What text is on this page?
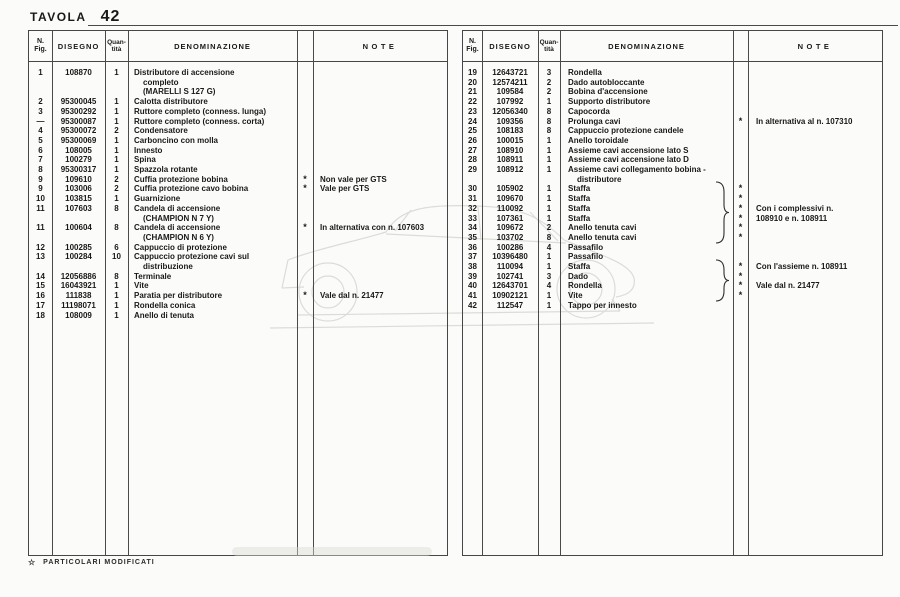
TAVOLA 42
N.
Fig. DISEGNO Quan-
tità	DENOMINAZIONE	NOTE
1	108870	1	Distributore di accensione
completo
(MARELLI S 127 G)
2	95300045	1	Calotta distributore
3	95300292	1	Ruttore completo (conness. lunga)
—	95300087	1	Ruttore completo (conness. corta)
4	95300072	2	Condensatore
5	95300069	1	Carboncino con molla
6	108005	1	Innesto
7	100279	1	Spina
8	95300317	1	Spazzola rotante
9	109610	2	Cuffia protezione bobina	*	Non vale per GTS
9	103006	2	Cuffia protezione cavo bobina	*	Vale per GTS
10	103815	1	Guarnizione
11	107603	8	Candela di accensione
(CHAMPION N 7 Y)
11	100604	8	Candela di accensione
(CHAMPION N 6 Y)
*	In alternativa con n. 107603
12	100285	6	Cappuccio di protezione
13	100284	10	Cappuccio protezione cavi sul
distribuzione
14	12056886	8	Terminale
15	16043921	1	Vite
16	111838	1	Paratia per distributore	*	Vale dal n. 21477
17	11198071	1	Rondella conica
18	108009	1	Anello di tenuta
N.
Fig. DISEGNO Quan-
tità	DENOMINAZIONE	NOTE
19	12643721	3	Rondella
20	12574211	2	Dado autobloccante
21	109584	2	Bobina d'accensione
22	107992	1	Supporto distributore
23	12056340	8	Capocorda
24	109356	8	Prolunga cavi	*	In alternativa al n. 107310
25	108183	8	Cappuccio protezione candele
26	100015	1	Anello toroidale
27	108910	1	Assieme cavi accensione lato S
28	108911	1	Assieme cavi accensione lato D
29	108912	1	Assieme cavi collegamento bobina -
distributore
30	105902	1	Staffa	*
31	109670	1	Staffa	*
32	110092	1	Staffa	*	Con i complessivi n.
33	107361	1	Staffa	*	108910 e n. 108911
34	109672	2	Anello tenuta cavi	*
35	103702	8	Anello tenuta cavi	*
36	100286	4	Passafilo
37	10396480	1	Passafilo
38	110094	1	Staffa	*	Con l'assieme n. 108911
39	102741	3	Dado	*
40	12643701	4	Rondella	*	Vale dal n. 21477
41	10902121	1	Vite	*
42	112547	1	Tappo per innesto
☆ PARTICOLARI MODIFICATI
